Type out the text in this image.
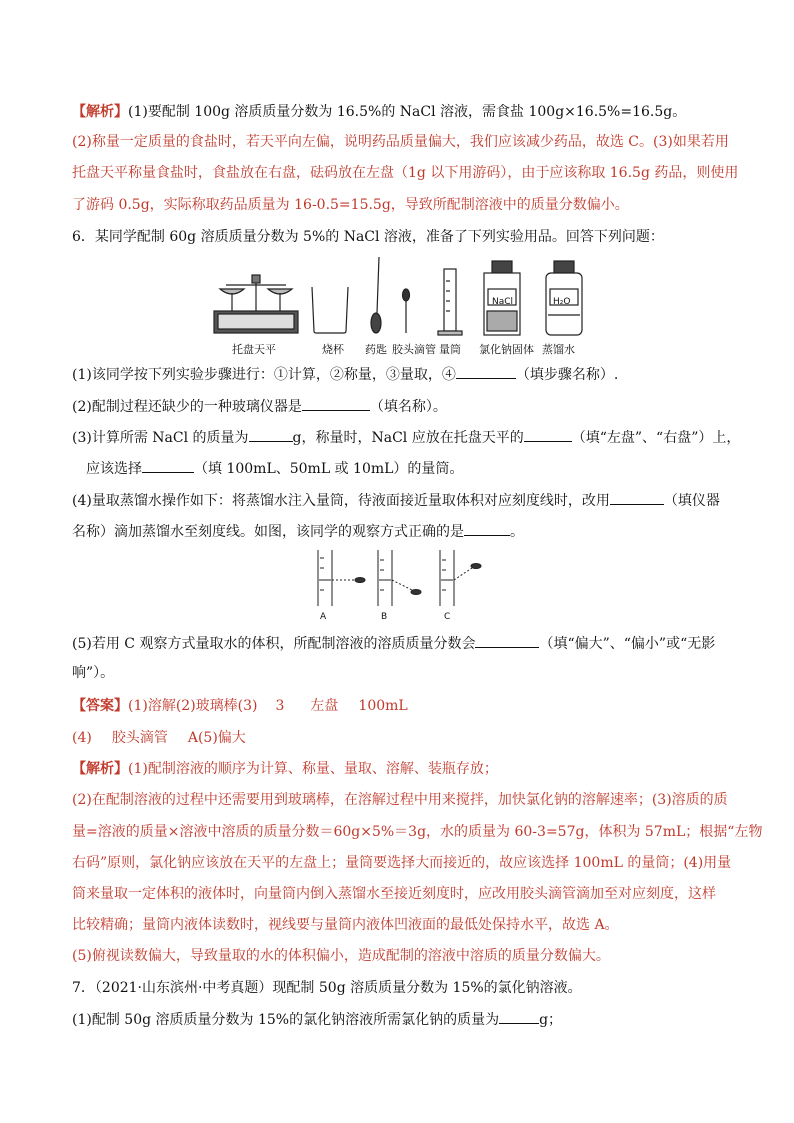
【解析】(1)要配制 100g 溶质质量分数为 16.5%的 NaCl 溶液，需食盐 100g×16.5%=16.5g。
(2)称量一定质量的食盐时，若天平向左偏，说明药品质量偏大，我们应该减少药品，故选 C。(3)如果若用
托盘天平称量食盐时，食盐放在右盘，砝码放在左盘（1g 以下用游码），由于应该称取 16.5g 药品，则使用
了游码 0.5g，实际称取药品质量为 16-0.5=15.5g，导致所配制溶液中的质量分数偏小。
6．某同学配制 60g 溶质质量分数为 5%的 NaCl 溶液，准备了下列实验用品。回答下列问题：
NaCl	H₂O
托盘天平	烧杯 药匙 胶头滴管 量筒 氯化钠固体 蒸馏水
(1)该同学按下列实验步骤进行：①计算，②称量，③量取，④	（填步骤名称）.
(2)配制过程还缺少的一种玻璃仪器是	（填名称）。
(3)计算所需 NaCl 的质量为	g，称量时，NaCl 应放在托盘天平的	（填“左盘”、“右盘”）上，
应该选择	（填 100mL、50mL 或 10mL）的量筒。
(4)量取蒸馏水操作如下：将蒸馏水注入量筒，待液面接近量取体积对应刻度线时，改用	（填仪器
名称）滴加蒸馏水至刻度线。如图，该同学的观察方式正确的是	。
A	B	C
(5)若用 C 观察方式量取水的体积，所配制溶液的溶质质量分数会	（填“偏大”、“偏小”或“无影
响”）。
【答案】(1)溶解(2)玻璃棒(3) 3 左盘 100mL
(4) 胶头滴管 A(5)偏大
【解析】(1)配制溶液的顺序为计算、称量、量取、溶解、装瓶存放；
(2)在配制溶液的过程中还需要用到玻璃棒，在溶解过程中用来搅拌，加快氯化钠的溶解速率；(3)溶质的质
量=溶液的质量×溶液中溶质的质量分数＝60g×5%＝3g，水的质量为 60-3=57g，体积为 57mL；根据“左物
右码”原则，氯化钠应该放在天平的左盘上；量筒要选择大而接近的，故应该选择 100mL 的量筒；(4)用量
筒来量取一定体积的液体时，向量筒内倒入蒸馏水至接近刻度时，应改用胶头滴管滴加至对应刻度，这样
比较精确；量筒内液体读数时，视线要与量筒内液体凹液面的最低处保持水平，故选 A。
(5)俯视读数偏大，导致量取的水的体积偏小，造成配制的溶液中溶质的质量分数偏大。
7．（2021·山东滨州·中考真题）现配制 50g 溶质质量分数为 15%的氯化钠溶液。
(1)配制 50g 溶质质量分数为 15%的氯化钠溶液所需氯化钠的质量为	g；
